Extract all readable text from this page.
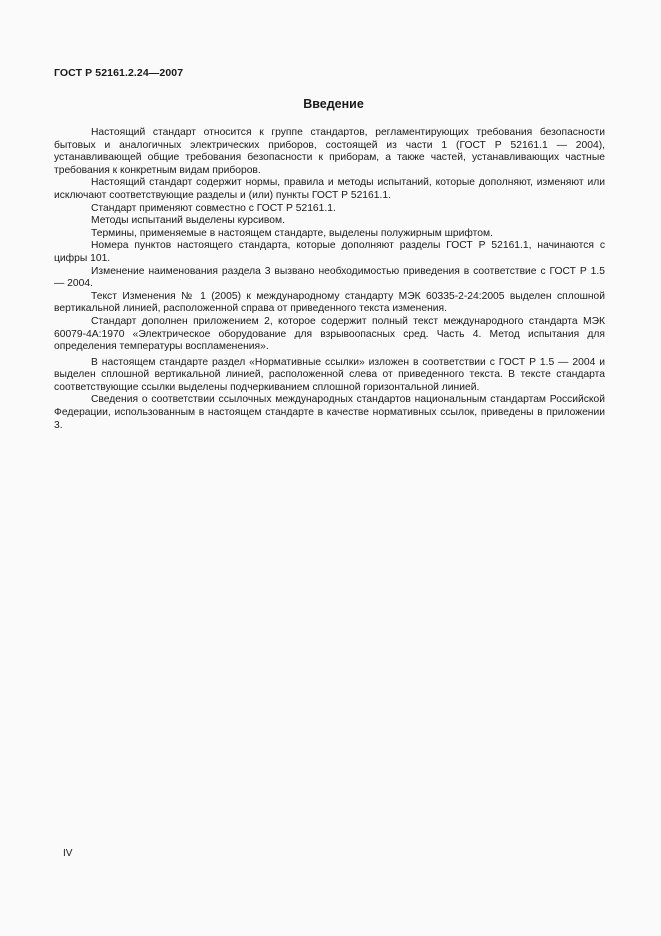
ГОСТ Р 52161.2.24—2007
Введение

Настоящий стандарт относится к группе стандартов, регламентирующих требования безопасности бытовых и аналогичных электрических приборов, состоящей из части 1 (ГОСТ Р 52161.1 — 2004), устанавливающей общие требования безопасности к приборам, а также частей, устанавливающих частные требования к конкретным видам приборов.

Настоящий стандарт содержит нормы, правила и методы испытаний, которые дополняют, изменяют или исключают соответствующие разделы и (или) пункты ГОСТ Р 52161.1.

Стандарт применяют совместно с ГОСТ Р 52161.1.

Методы испытаний выделены курсивом.

Термины, применяемые в настоящем стандарте, выделены полужирным шрифтом.

Номера пунктов настоящего стандарта, которые дополняют разделы ГОСТ Р 52161.1, начинаются с цифры 101.

Изменение наименования раздела 3 вызвано необходимостью приведения в соответствие с ГОСТ Р 1.5 — 2004.

Текст Изменения № 1 (2005) к международному стандарту МЭК 60335-2-24:2005 выделен сплошной вертикальной линией, расположенной справа от приведенного текста изменения.

Стандарт дополнен приложением 2, которое содержит полный текст международного стандарта МЭК 60079-4А:1970 «Электрическое оборудование для взрывоопасных сред. Часть 4. Метод испытания для определения температуры воспламенения».

В настоящем стандарте раздел «Нормативные ссылки» изложен в соответствии с ГОСТ Р 1.5 — 2004 и выделен сплошной вертикальной линией, расположенной слева от приведенного текста. В тексте стандарта соответствующие ссылки выделены подчеркиванием сплошной горизонтальной линией.

Сведения о соответствии ссылочных международных стандартов национальным стандартам Российской Федерации, использованным в настоящем стандарте в качестве нормативных ссылок, приведены в приложении 3.

IV
